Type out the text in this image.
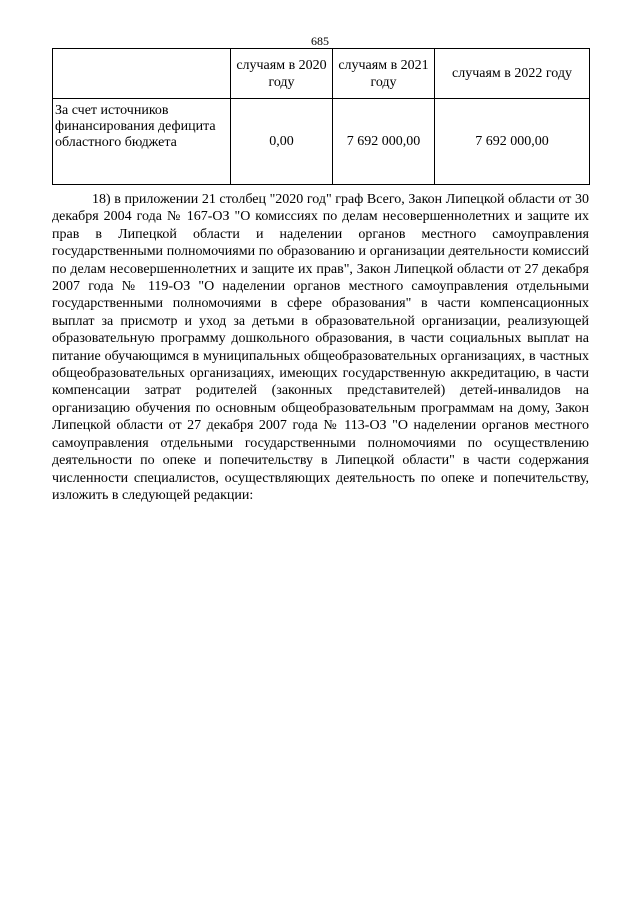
685
	случаям в 2020 году	случаям в 2021 году	случаям в 2022 году
За счет источников финансирования дефицита областного бюджета	0,00	7 692 000,00	7 692 000,00

18) в приложении 21 столбец "2020 год" граф Всего, Закон Липецкой области от 30 декабря 2004 года № 167-ОЗ "О комиссиях по делам несовершеннолетних и защите их прав в Липецкой области и наделении органов местного самоуправления государственными полномочиями по образованию и организации деятельности комиссий по делам несовершеннолетних и защите их прав", Закон Липецкой области от 27 декабря 2007 года № 119-ОЗ "О наделении органов местного самоуправления отдельными государственными полномочиями в сфере образования" в части компенсационных выплат за присмотр и уход за детьми в образовательной организации, реализующей образовательную программу дошкольного образования, в части социальных выплат на питание обучающимся в муниципальных общеобразовательных организациях, в частных общеобразовательных организациях, имеющих государственную аккредитацию, в части компенсации затрат родителей (законных представителей) детей-инвалидов на организацию обучения по основным общеобразовательным программам на дому, Закон Липецкой области от 27 декабря 2007 года № 113-ОЗ "О наделении органов местного самоуправления отдельными государственными полномочиями по осуществлению деятельности по опеке и попечительству в Липецкой области" в части содержания численности специалистов, осуществляющих деятельность по опеке и попечительству, изложить в следующей редакции:
